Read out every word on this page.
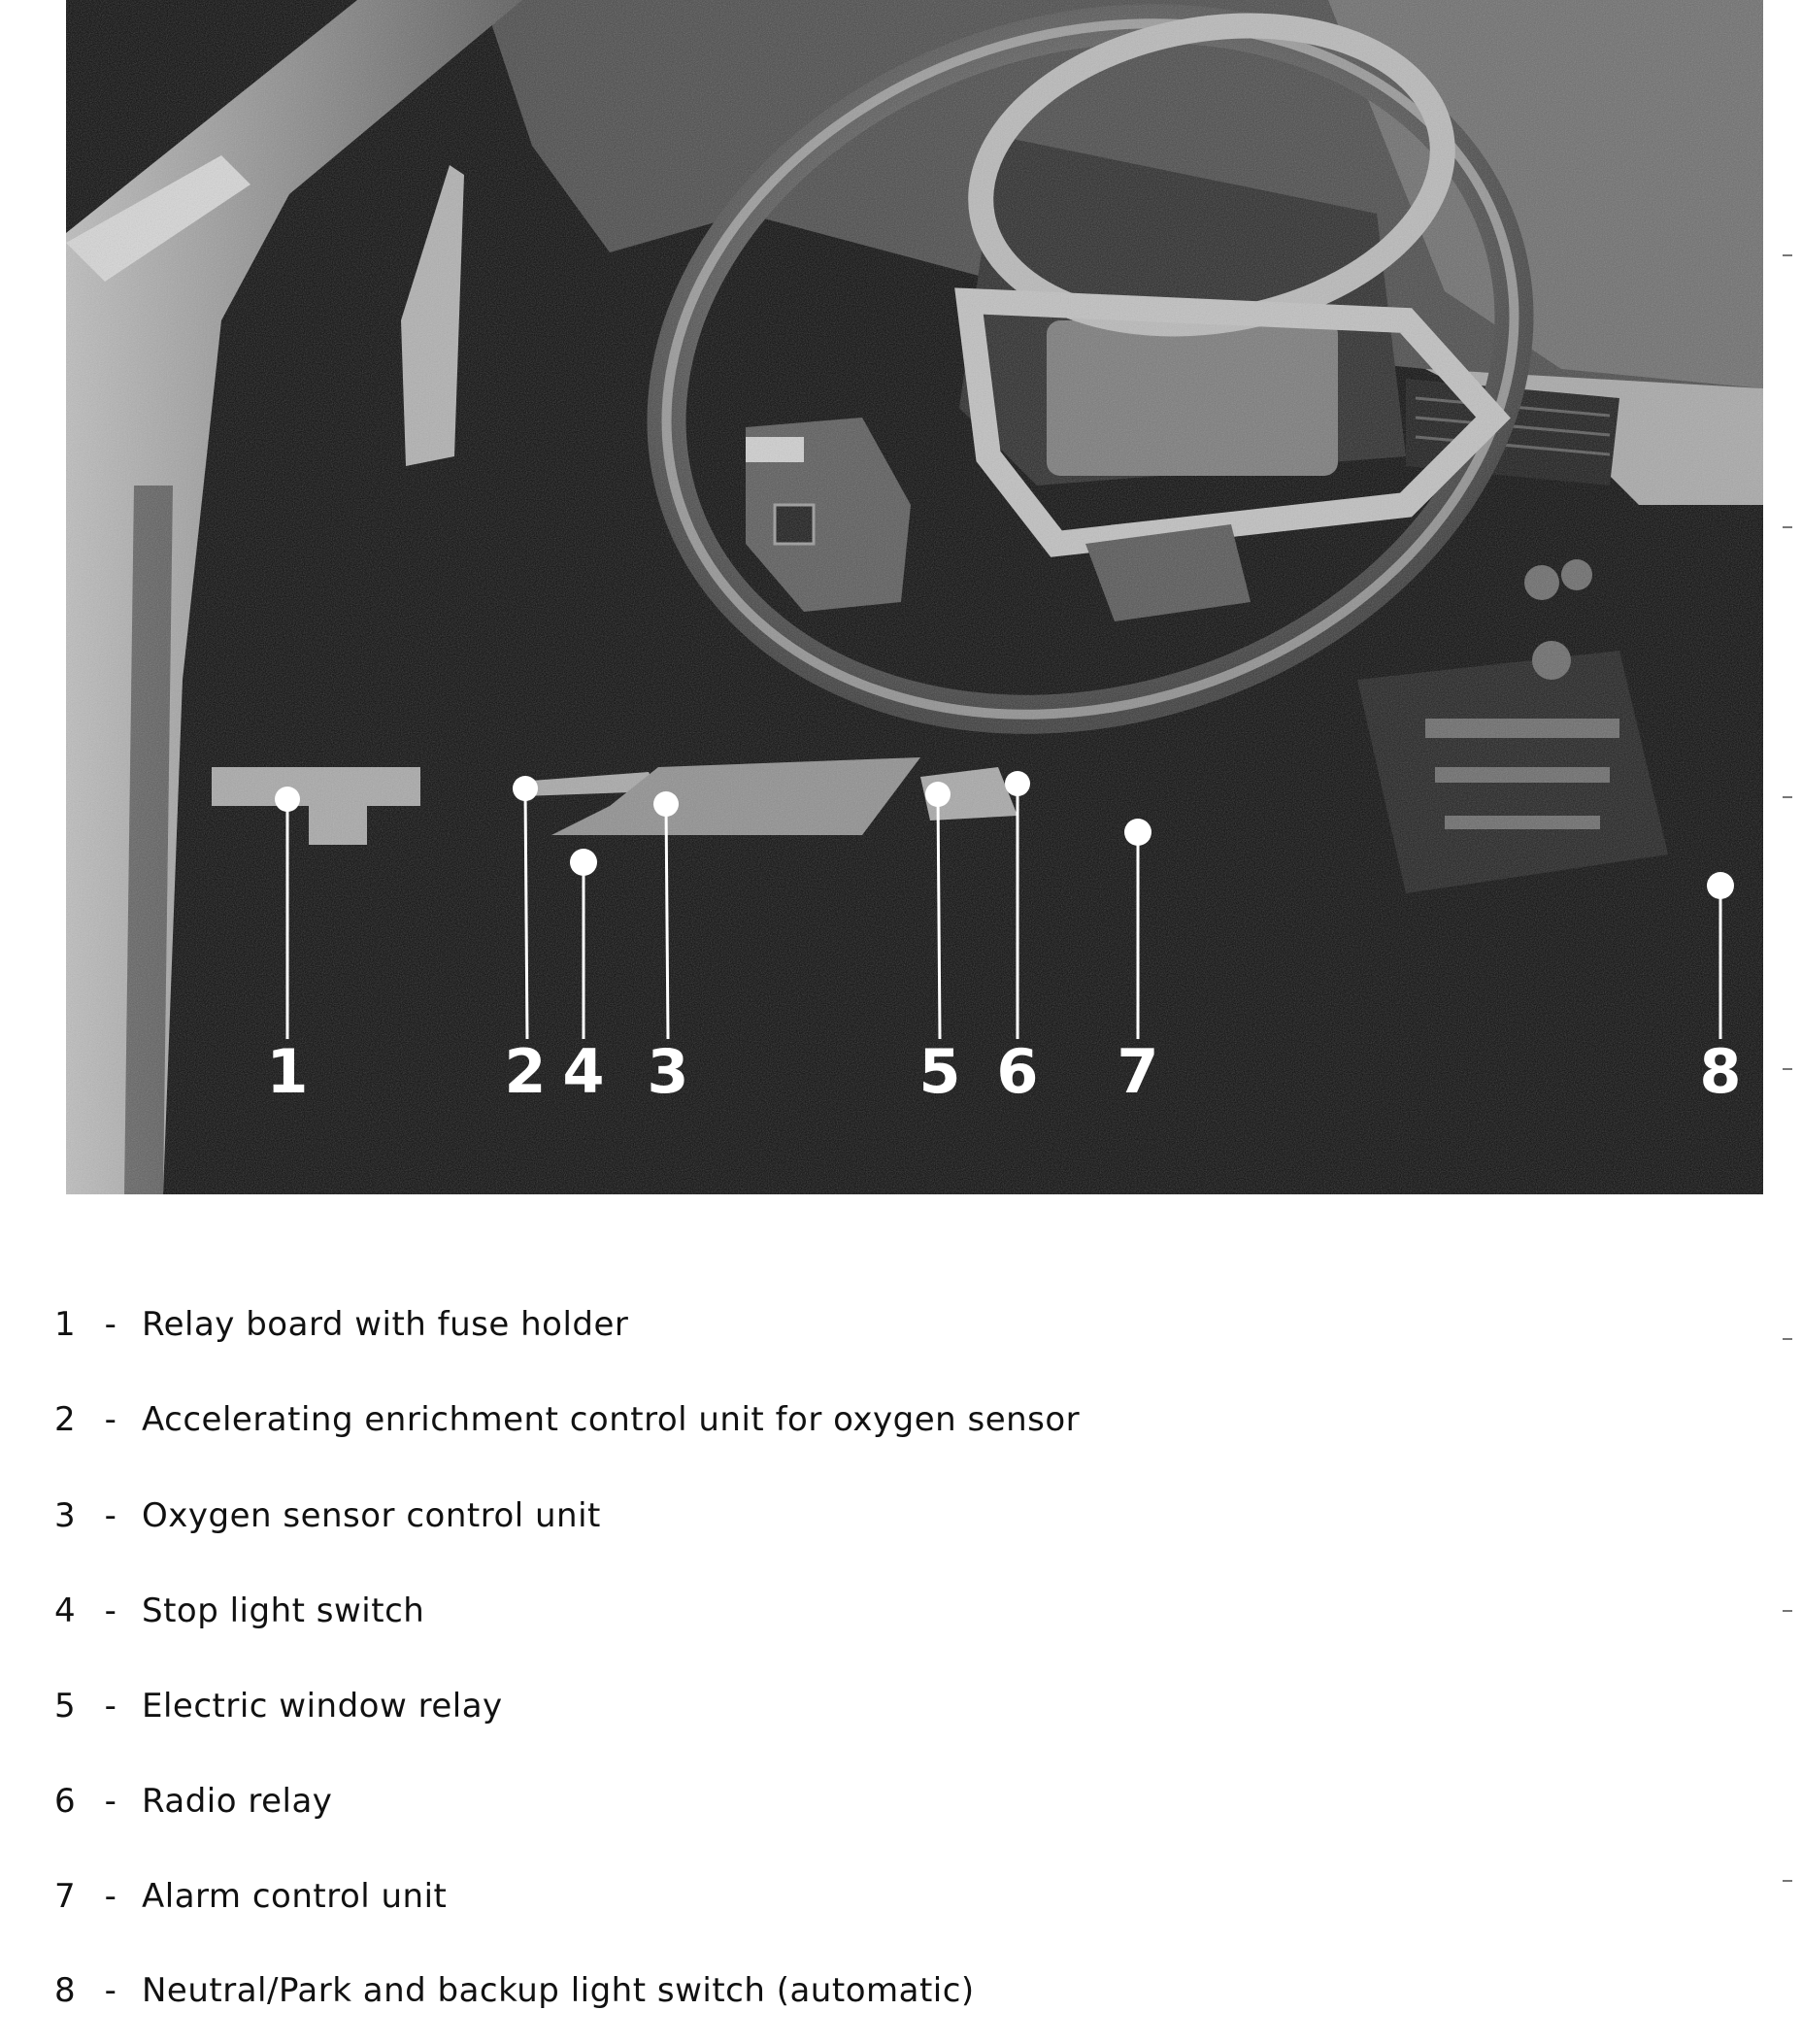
1	2 4 3	5 6 7	8
1 - Relay board with fuse holder
2 - Accelerating enrichment control unit for oxygen sensor
3 - Oxygen sensor control unit
4 - Stop light switch
5 - Electric window relay
6 - Radio relay
7 - Alarm control unit
8 - Neutral/Park and backup light switch (automatic)
